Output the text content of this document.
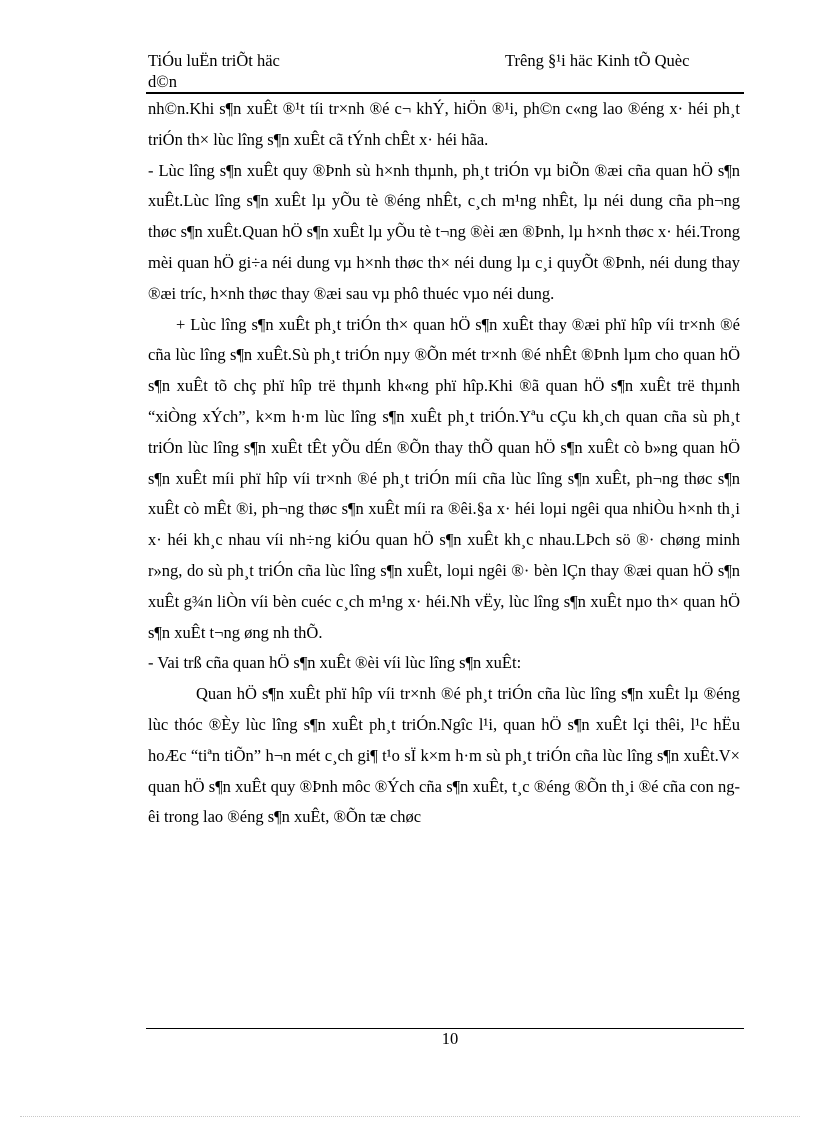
TiÓu luËn triÕt häc
d©n
Trêng §¹i häc Kinh tÕ Quèc

nh©n.Khi s¶n xuÊt ®¹t tíi tr×nh ®é c¬ khÝ, hiÖn ®¹i, ph©n c«ng lao ®éng x· héi ph¸t triÓn th× lùc lîng s¶n xuÊt cã tÝnh chÊt x· héi hãa.

- Lùc lîng s¶n xuÊt quy ®Þnh sù h×nh thµnh, ph¸t triÓn vµ biÕn ®æi cña quan hÖ s¶n xuÊt.Lùc lîng s¶n xuÊt lµ yÕu tè ®éng nhÊt, c¸ch m¹ng nhÊt, lµ néi dung cña ph¬ng thøc s¶n xuÊt.Quan hÖ s¶n xuÊt lµ yÕu tè t¬ng ®èi æn ®Þnh, lµ h×nh thøc x· héi.Trong mèi quan hÖ gi÷a néi dung vµ h×nh thøc th× néi dung lµ c¸i quyÕt ®Þnh, néi dung thay ®æi tríc, h×nh thøc thay ®æi sau vµ phô thuéc vµo néi dung.

+ Lùc lîng s¶n xuÊt ph¸t triÓn th× quan hÖ s¶n xuÊt thay ®æi phï hîp víi tr×nh ®é cña lùc lîng s¶n xuÊt.Sù ph¸t triÓn nµy ®Õn mét tr×nh ®é nhÊt ®Þnh lµm cho quan hÖ s¶n xuÊt tõ chç phï hîp trë thµnh kh«ng phï hîp.Khi ®ã quan hÖ s¶n xuÊt trë thµnh “xiÒng xÝch”, k×m h·m lùc lîng s¶n xuÊt ph¸t triÓn.Yªu cÇu kh¸ch quan cña sù ph¸t triÓn lùc lîng s¶n xuÊt tÊt yÕu dÉn ®Õn thay thÕ quan hÖ s¶n xuÊt cò b»ng quan hÖ s¶n xuÊt míi phï hîp víi tr×nh ®é ph¸t triÓn míi cña lùc lîng s¶n xuÊt, ph¬ng thøc s¶n xuÊt cò mÊt ®i, ph¬ng thøc s¶n xuÊt míi ra ®êi.§a x· héi loµi ngêi qua nhiÒu h×nh th¸i x· héi kh¸c nhau víi nh÷ng kiÓu quan hÖ s¶n xuÊt kh¸c nhau.LÞch sö ®· chøng minh r»ng, do sù ph¸t triÓn cña lùc lîng s¶n xuÊt, loµi ngêi ®· bèn lÇn thay ®æi quan hÖ s¶n xuÊt g¾n liÒn víi bèn cuéc c¸ch m¹ng x· héi.Nh vËy, lùc lîng s¶n xuÊt nµo th× quan hÖ s¶n xuÊt t¬ng øng nh thÕ.

- Vai trß cña quan hÖ s¶n xuÊt ®èi víi lùc lîng s¶n xuÊt:

Quan hÖ s¶n xuÊt phï hîp víi tr×nh ®é ph¸t triÓn cña lùc lîng s¶n xuÊt lµ ®éng lùc thóc ®Èy lùc lîng s¶n xuÊt ph¸t triÓn.Ngîc l¹i, quan hÖ s¶n xuÊt lçi thêi, l¹c hËu hoÆc “tiªn tiÕn” h¬n mét c¸ch gi¶ t¹o sÏ k×m h·m sù ph¸t triÓn cña lùc lîng s¶n xuÊt.V× quan hÖ s¶n xuÊt quy ®Þnh môc ®Ých cña s¶n xuÊt, t¸c ®éng ®Õn th¸i ®é cña con ngêi trong lao ®éng s¶n xuÊt, ®Õn tæ chøc

10
